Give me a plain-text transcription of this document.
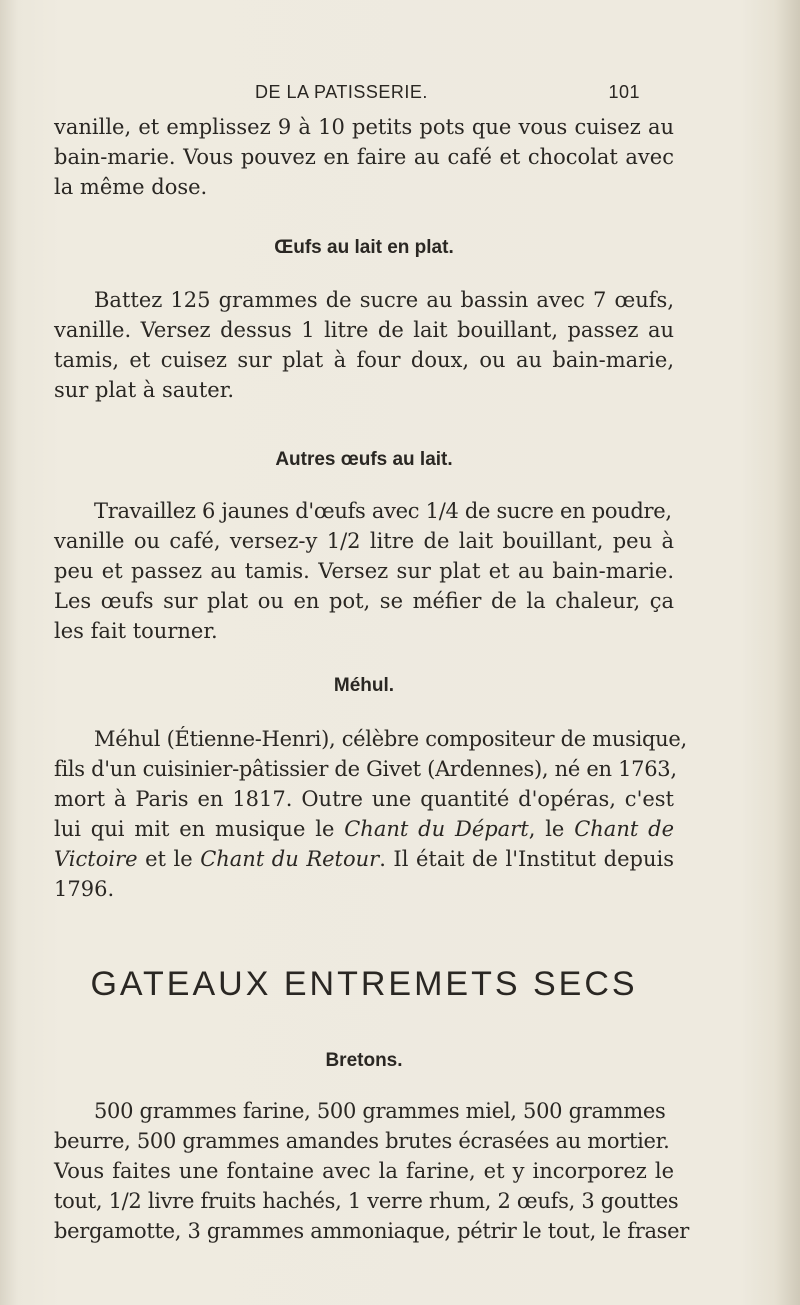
DE LA PATISSERIE.	101
vanille, et emplissez 9 à 10 petits pots que vous cuisez au
bain-marie. Vous pouvez en faire au café et chocolat avec
la même dose.
Œufs au lait en plat.
Battez 125 grammes de sucre au bassin avec 7 œufs,
vanille. Versez dessus 1 litre de lait bouillant, passez au
tamis, et cuisez sur plat à four doux, ou au bain-marie,
sur plat à sauter.
Autres œufs au lait.
Travaillez 6 jaunes d'œufs avec 1/4 de sucre en poudre,
vanille ou café, versez-y 1/2 litre de lait bouillant, peu à
peu et passez au tamis. Versez sur plat et au bain-marie.
Les œufs sur plat ou en pot, se méfier de la chaleur, ça
les fait tourner.
Méhul.
Méhul (Étienne-Henri), célèbre compositeur de musique,
fils d'un cuisinier-pâtissier de Givet (Ardennes), né en 1763,
mort à Paris en 1817. Outre une quantité d'opéras, c'est
lui qui mit en musique le Chant du Départ, le Chant de
Victoire et le Chant du Retour. Il était de l'Institut depuis
1796.
GATEAUX ENTREMETS SECS
Bretons.
500 grammes farine, 500 grammes miel, 500 grammes
beurre, 500 grammes amandes brutes écrasées au mortier.
Vous faites une fontaine avec la farine, et y incorporez le
tout, 1/2 livre fruits hachés, 1 verre rhum, 2 œufs, 3 gouttes
bergamotte, 3 grammes ammoniaque, pétrir le tout, le fraser
